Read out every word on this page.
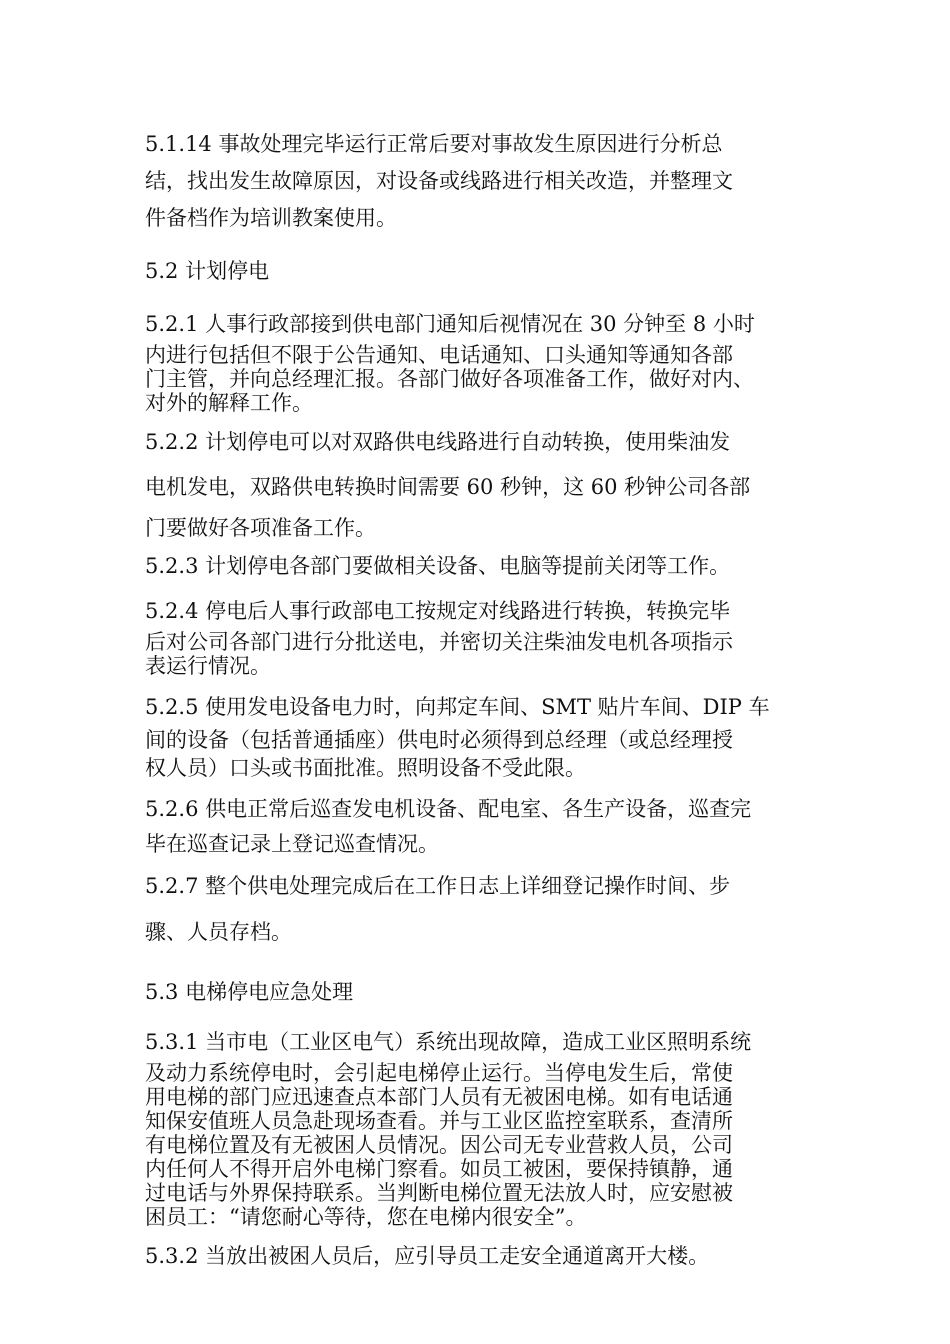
5.1.14 事故处理完毕运行正常后要对事故发生原因进行分析总
结，找出发生故障原因，对设备或线路进行相关改造，并整理文
件备档作为培训教案使用。
5.2 计划停电
5.2.1 人事行政部接到供电部门通知后视情况在 30 分钟至 8 小时
内进行包括但不限于公告通知、电话通知、口头通知等通知各部
门主管，并向总经理汇报。各部门做好各项准备工作，做好对内、
对外的解释工作。
5.2.2 计划停电可以对双路供电线路进行自动转换，使用柴油发
电机发电，双路供电转换时间需要 60 秒钟，这 60 秒钟公司各部
门要做好各项准备工作。
5.2.3 计划停电各部门要做相关设备、电脑等提前关闭等工作。
5.2.4 停电后人事行政部电工按规定对线路进行转换，转换完毕
后对公司各部门进行分批送电，并密切关注柴油发电机各项指示
表运行情况。
5.2.5 使用发电设备电力时，向邦定车间、SMT 贴片车间、DIP 车
间的设备（包括普通插座）供电时必须得到总经理（或总经理授
权人员）口头或书面批准。照明设备不受此限。
5.2.6 供电正常后巡查发电机设备、配电室、各生产设备，巡查完
毕在巡查记录上登记巡查情况。
5.2.7 整个供电处理完成后在工作日志上详细登记操作时间、步
骤、人员存档。
5.3 电梯停电应急处理
5.3.1 当市电（工业区电气）系统出现故障，造成工业区照明系统
及动力系统停电时，会引起电梯停止运行。当停电发生后，常使
用电梯的部门应迅速查点本部门人员有无被困电梯。如有电话通
知保安值班人员急赴现场查看。并与工业区监控室联系，查清所
有电梯位置及有无被困人员情况。因公司无专业营救人员，公司
内任何人不得开启外电梯门察看。如员工被困，要保持镇静，通
过电话与外界保持联系。当判断电梯位置无法放人时，应安慰被
困员工：“请您耐心等待，您在电梯内很安全”。
5.3.2 当放出被困人员后，应引导员工走安全通道离开大楼。
